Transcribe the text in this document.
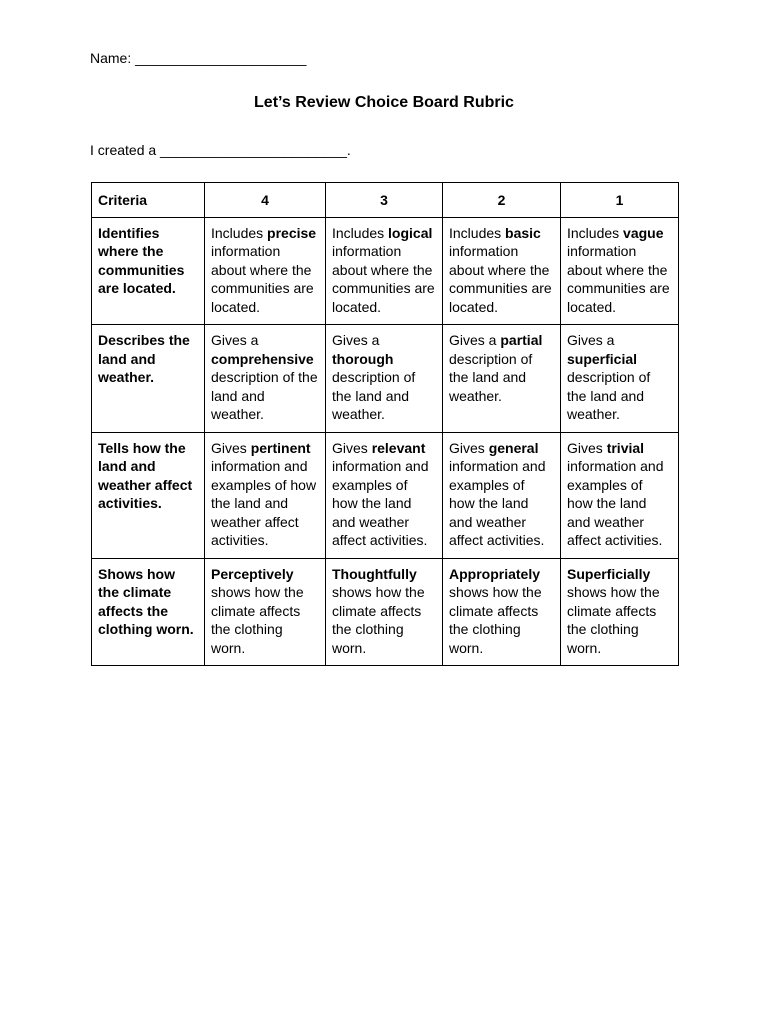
Name: ______________________
Let’s Review Choice Board Rubric
I created a ________________________.
Criteria	4	3	2	1
Identifies where the communities are located.	Includes precise information about where the communities are located.	Includes logical information about where the communities are located.	Includes basic information about where the communities are located.	Includes vague information about where the communities are located.
Describes the land and weather.	Gives a comprehensive description of the land and weather.	Gives a thorough description of the land and weather.	Gives a partial description of the land and weather.	Gives a superficial description of the land and weather.
Tells how the land and weather affect activities.	Gives pertinent information and examples of how the land and weather affect activities.	Gives relevant information and examples of how the land and weather affect activities.	Gives general information and examples of how the land and weather affect activities.	Gives trivial information and examples of how the land and weather affect activities.
Shows how the climate affects the clothing worn.	Perceptively shows how the climate affects the clothing worn.	Thoughtfully shows how the climate affects the clothing worn.	Appropriately shows how the climate affects the clothing worn.	Superficially shows how the climate affects the clothing worn.
